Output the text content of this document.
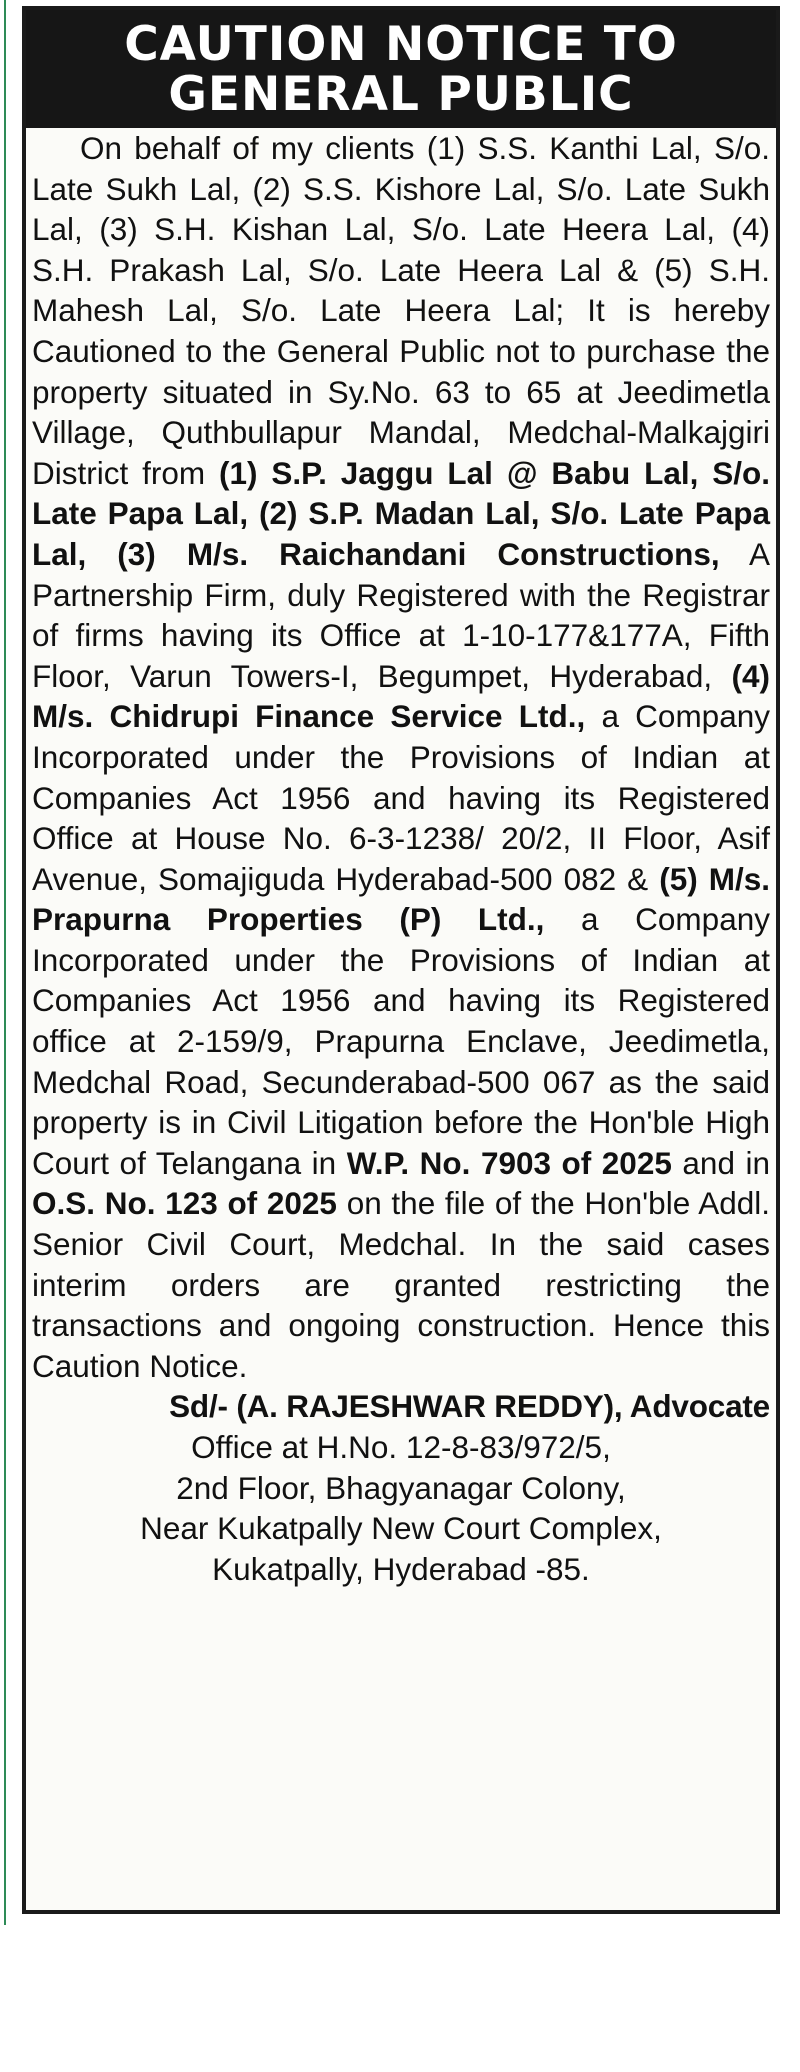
CAUTION NOTICE TO
GENERAL PUBLIC
On behalf of my clients (1) S.S. Kanthi Lal, S/o. Late Sukh Lal, (2) S.S. Kishore Lal, S/o. Late Sukh Lal, (3) S.H. Kishan Lal, S/o. Late Heera Lal, (4) S.H. Prakash Lal, S/o. Late Heera Lal & (5) S.H. Mahesh Lal, S/o. Late Heera Lal; It is hereby Cautioned to the General Public not to purchase the property situated in Sy.No. 63 to 65 at Jeedimetla Village, Quthbullapur Mandal, Medchal-Malkajgiri District from (1) S.P. Jaggu Lal @ Babu Lal, S/o. Late Papa Lal, (2) S.P. Madan Lal, S/o. Late Papa Lal, (3) M/s. Raichandani Constructions, A Partnership Firm, duly Registered with the Registrar of firms having its Office at 1-10-177&177A, Fifth Floor, Varun Towers-I, Begumpet, Hyderabad, (4) M/s. Chidrupi Finance Service Ltd., a Company Incorporated under the Provisions of Indian at Companies Act 1956 and having its Registered Office at House No. 6-3-1238/ 20/2, II Floor, Asif Avenue, Somajiguda Hyderabad-500 082 & (5) M/s. Prapurna Properties (P) Ltd., a Company Incorporated under the Provisions of Indian at Companies Act 1956 and having its Registered office at 2-159/9, Prapurna Enclave, Jeedimetla, Medchal Road, Secunderabad-500 067 as the said property is in Civil Litigation before the Hon'ble High Court of Telangana in W.P. No. 7903 of 2025 and in O.S. No. 123 of 2025 on the file of the Hon'ble Addl. Senior Civil Court, Medchal. In the said cases interim orders are granted restricting the transactions and ongoing construction. Hence this Caution Notice.
Sd/- (A. RAJESHWAR REDDY), Advocate
Office at H.No. 12-8-83/972/5,
2nd Floor, Bhagyanagar Colony,
Near Kukatpally New Court Complex,
Kukatpally, Hyderabad -85.
